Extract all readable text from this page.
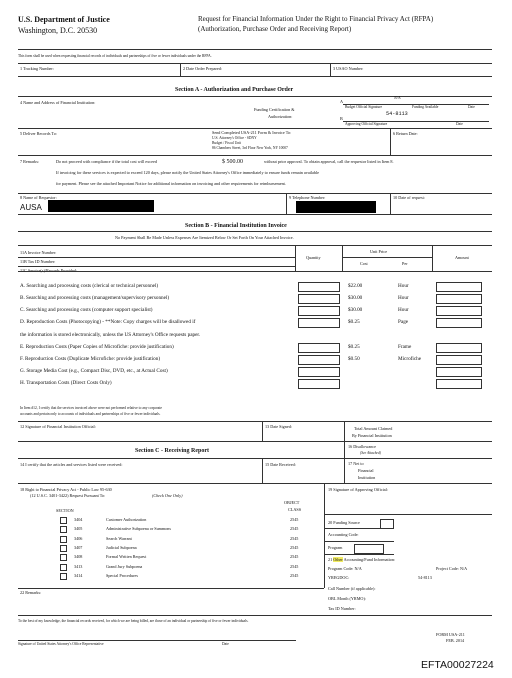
U.S. Department of Justice
Washington, D.C. 20530
Request for Financial Information Under the Right to Financial Privacy Act (RFPA)
(Authorization, Purchase Order and Receiving Report)
This form shall be used when requesting financial records of individuals and partnerships of five or fewer individuals under the RFPA.
1 Tracking Number:	2 Date Order Prepared:	3 USAO Number:
Section A - Authorization and Purchase Order
4 Name and Address of Financial Institution:
Funding Certification &
Authorization:
N/A
A
Budget Official Signature	Funding Available	Date
54-8113
B
Approving Official Signature	Date
5 Deliver Records To:	Send Completed USA-211 Form & Invoice To:
U.S. Attorney's Office - SDNY
Budget / Fiscal Unit
86 Chambers Street, 3rd Floor New York, NY 10007
6 Return Date:
7 Remarks:	Do not proceed with compliance if the total cost will exceed	$ 500.00	without prior approval. To obtain approval, call the requestor listed in Item 8.
If invoicing for these services is expected to exceed 120 days, please notify the United States Attorney's Office immediately to ensure funds remain available
for payment. Please see the attached Important Notice for additional information on invoicing and other requirements for reimbursement.
8 Name of Requestor:
AUSA
9 Telephone Number:	10 Date of request:
Section B - Financial Institution Invoice
No Payment Shall Be Made Unless Expenses Are Itemized Below Or Set Forth On Your Attached Invoice.
11A Invoice Number:
11B Tax ID Number:
11C Service(s)/Records Provided:
Quantity
Unit Price
Cost	Per
Amount
A. Searching and processing costs (clerical or technical personnel)	$22.00	Hour
B. Searching and processing costs (management/supervisory personnel)	$30.00	Hour
C. Searching and processing costs (computer support specialist)	$30.00	Hour
D. Reproduction Costs (Photocopying) - **Note: Copy charges will be disallowed if	$0.25	Page
the information is stored electronically, unless the US Attorney's Office requests paper.
E. Reproduction Costs (Paper Copies of Microfiche: provide justification)	$0.25	Frame
F. Reproduction Costs (Duplicate Microfiche: provide justification)	$0.50	Microfiche
G. Storage Media Cost (e.g., Compact Disc, DVD, etc., at Actual Cost)
H. Transportation Costs (Direct Costs Only)
In Item #12, I certify that the services invoiced above were not performed relative to any corporate
accounts and pertain only to accounts of individuals and partnerships of five or fewer individuals.
12 Signature of Financial Institution Official:	13 Date Signed:	Total Amount Claimed
By Financial Institution
Section C - Receiving Report
16 Disallowance
(See Attached)
14 I certify that the articles and services listed were received:	15 Date Received:	17 Net to
Financial
Institution
18 Right to Financial Privacy Act - Public Law 95-630
(12 U.S.C. 3401-3422) Request Pursuant To:	(Check One Only)
19 Signature of Approving Official:
SECTION
OBJECT
CLASS
3404	Customer Authorization	2545
3405	Administrative Subpoena or Summons	2545
3406	Search Warrant	2545
3407	Judicial Subpoena	2545
3408	Formal Written Request	2545
3413	Grand Jury Subpoena	2545
3414	Special Procedures	2545
20 Funding Source
Accounting Code:
Program
21 Other Accounting/Fund Information:
Program Code: N/A	Project Code: N/A
YREGDOC:	54-8113
22 Remarks:
Call Number (if applicable):
OBL Month (YRMO):
Tax ID Number:
To the best of my knowledge, the financial records received, for which we are being billed, are those of an individual or partnership of five or fewer individuals.
Signature of United States Attorney's Office Representative	Date
FORM USA-211
FEB. 2014
EFTA00027224
